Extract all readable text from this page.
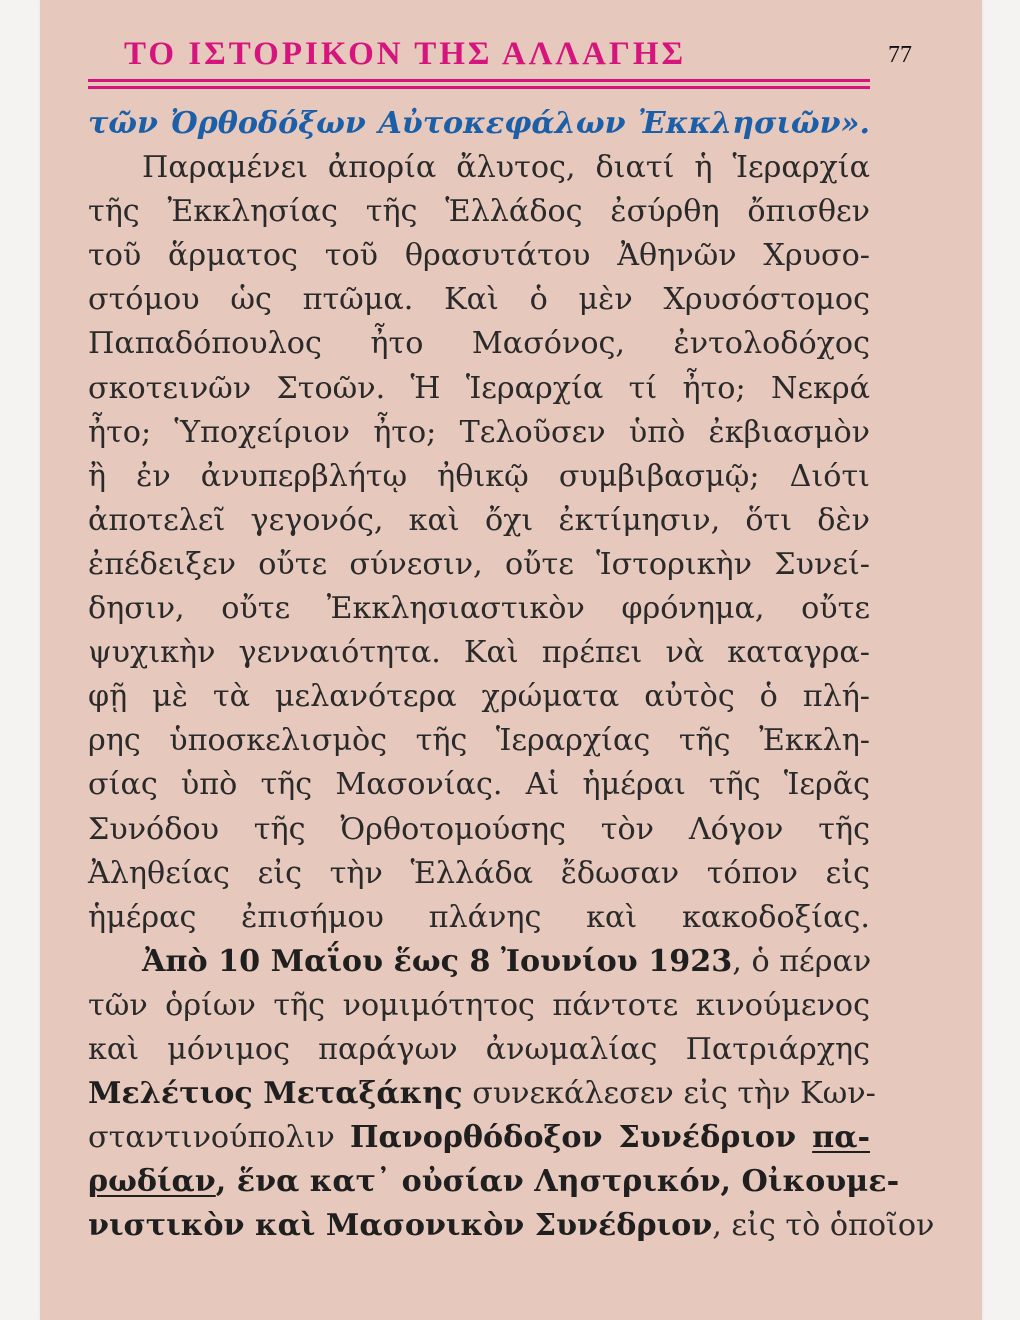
ΤΟ ΙΣΤΟΡΙΚΟΝ ΤΗΣ ΑΛΛΑΓΗΣ	77
τῶν Ὀρθοδόξων Αὐτοκεφάλων Ἐκκλησιῶν».
Παραμένει ἀπορία ἄλυτος, διατί ἡ Ἱεραρχία
τῆς Ἐκκλησίας τῆς Ἑλλάδος ἐσύρθη ὄπισθεν
τοῦ ἅρματος τοῦ θρασυτάτου Ἀθηνῶν Χρυσο-
στόμου ὡς πτῶμα. Καὶ ὁ μὲν Χρυσόστομος
Παπαδόπουλος ἦτο Μασόνος, ἐντολοδόχος
σκοτεινῶν Στοῶν. Ἡ Ἱεραρχία τί ἦτο; Νεκρά
ἦτο; Ὑποχείριον ἦτο; Τελοῦσεν ὑπὸ ἐκβιασμὸν
ἢ ἐν ἀνυπερβλήτῳ ἠθικῷ συμβιβασμῷ; Διότι
ἀποτελεῖ γεγονός, καὶ ὄχι ἐκτίμησιν, ὅτι δὲν
ἐπέδειξεν οὔτε σύνεσιν, οὔτε Ἱστορικὴν Συνεί-
δησιν, οὔτε Ἐκκλησιαστικὸν φρόνημα, οὔτε
ψυχικὴν γενναιότητα. Καὶ πρέπει νὰ καταγρα-
φῇ μὲ τὰ μελανότερα χρώματα αὐτὸς ὁ πλή-
ρης ὑποσκελισμὸς τῆς Ἱεραρχίας τῆς Ἐκκλη-
σίας ὑπὸ τῆς Μασονίας. Αἱ ἡμέραι τῆς Ἱερᾶς
Συνόδου τῆς Ὀρθοτομούσης τὸν Λόγον τῆς
Ἀληθείας εἰς τὴν Ἑλλάδα ἔδωσαν τόπον εἰς
ἡμέρας ἐπισήμου πλάνης καὶ κακοδοξίας.
Ἀπὸ 10 Μαΐου ἕως 8 Ἰουνίου 1923, ὁ πέραν
τῶν ὁρίων τῆς νομιμότητος πάντοτε κινούμενος
καὶ μόνιμος παράγων ἀνωμαλίας Πατριάρχης
Μελέτιος Μεταξάκης συνεκάλεσεν εἰς τὴν Κων-
σταντινούπολιν Πανορθόδοξον Συνέδριον πα-
ρωδίαν, ἕνα κατ᾽ οὐσίαν Ληστρικόν, Οἰκουμε-
νιστικὸν καὶ Μασονικὸν Συνέδριον, εἰς τὸ ὁποῖον
